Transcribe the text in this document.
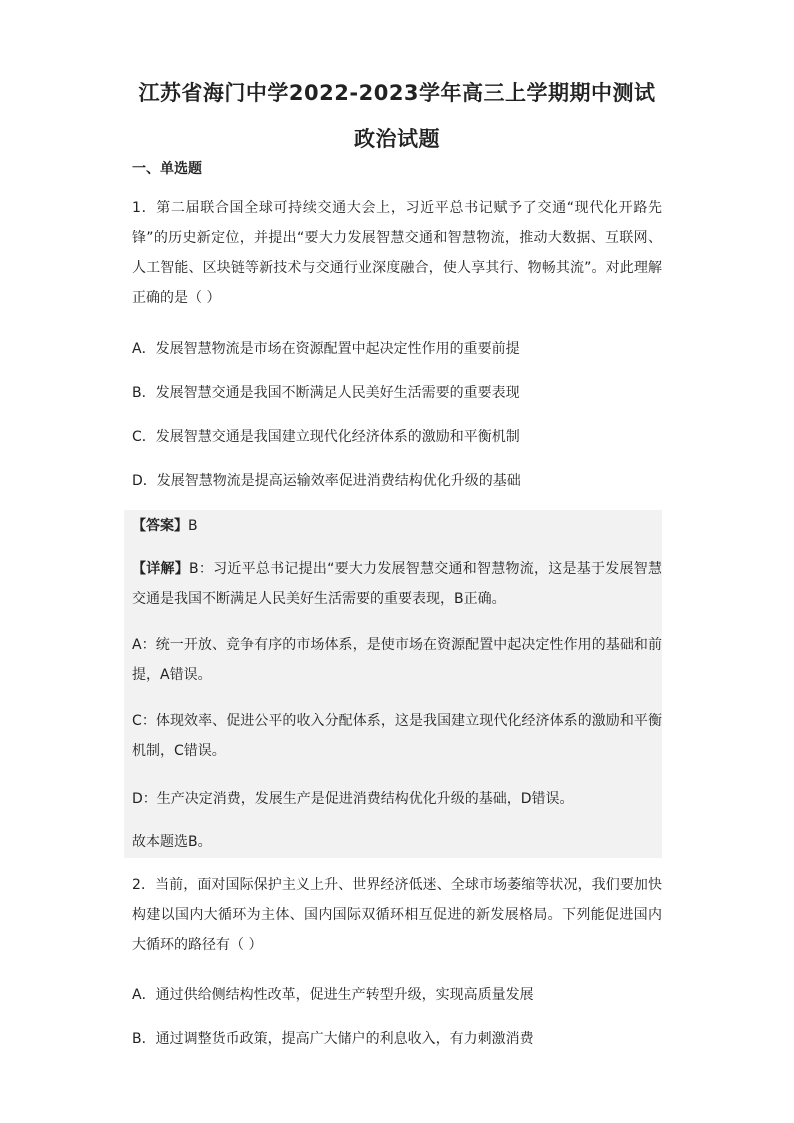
江苏省海门中学2022-2023学年高三上学期期中测试政治试题
一、单选题
1．第二届联合国全球可持续交通大会上，习近平总书记赋予了交通“现代化开路先锋”的历史新定位，并提出“要大力发展智慧交通和智慧物流，推动大数据、互联网、人工智能、区块链等新技术与交通行业深度融合，使人享其行、物畅其流”。对此理解正确的是（ ）
A．发展智慧物流是市场在资源配置中起决定性作用的重要前提
B．发展智慧交通是我国不断满足人民美好生活需要的重要表现
C．发展智慧交通是我国建立现代化经济体系的激励和平衡机制
D．发展智慧物流是提高运输效率促进消费结构优化升级的基础
【答案】B
【详解】B：习近平总书记提出“要大力发展智慧交通和智慧物流，这是基于发展智慧交通是我国不断满足人民美好生活需要的重要表现，B正确。
A：统一开放、竞争有序的市场体系，是使市场在资源配置中起决定性作用的基础和前提，A错误。
C：体现效率、促进公平的收入分配体系，这是我国建立现代化经济体系的激励和平衡机制，C错误。
D：生产决定消费，发展生产是促进消费结构优化升级的基础，D错误。
故本题选B。
2．当前，面对国际保护主义上升、世界经济低迷、全球市场萎缩等状况，我们要加快构建以国内大循环为主体、国内国际双循环相互促进的新发展格局。下列能促进国内大循环的路径有（ ）
A．通过供给侧结构性改革，促进生产转型升级，实现高质量发展
B．通过调整货币政策，提高广大储户的利息收入，有力刺激消费
